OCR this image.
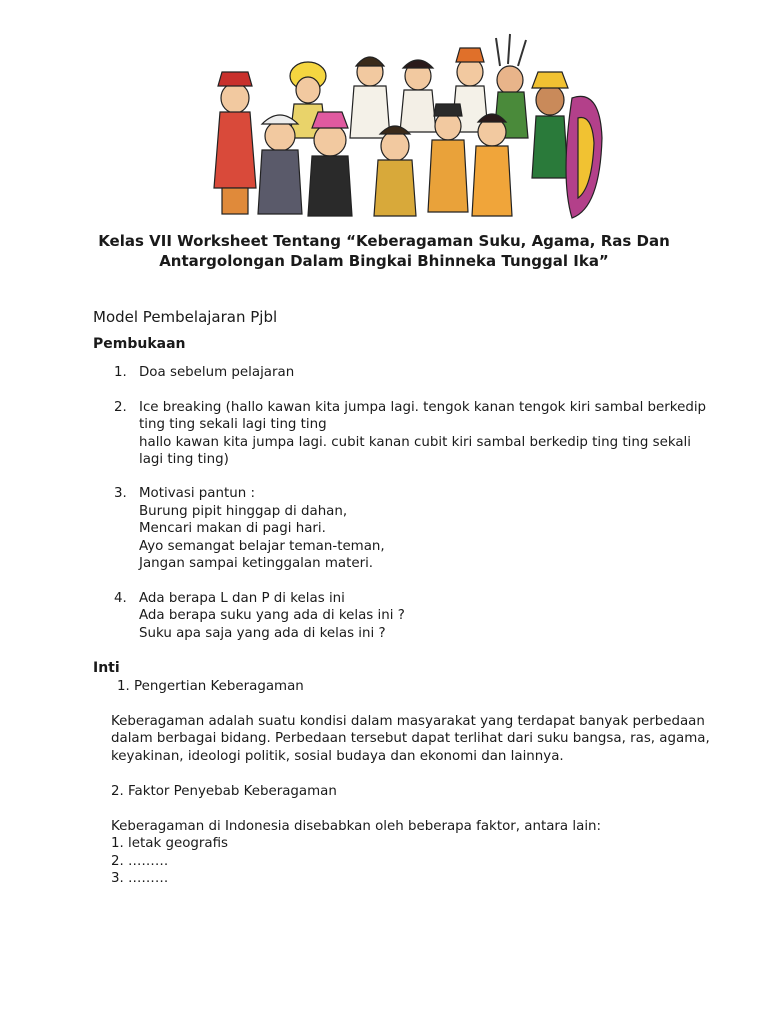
Kelas VII Worksheet Tentang “Keberagaman Suku, Agama, Ras Dan
Antargolongan Dalam Bingkai Bhinneka Tunggal Ika”
Model Pembelajaran Pjbl
Pembukaan
1. Doa sebelum pelajaran
2. Ice breaking (hallo kawan kita jumpa lagi. tengok kanan tengok kiri sambal berkedip
ting ting sekali lagi ting ting
hallo kawan kita jumpa lagi. cubit kanan cubit kiri sambal berkedip ting ting sekali
lagi ting ting)
3. Motivasi pantun :
Burung pipit hinggap di dahan,
Mencari makan di pagi hari.
Ayo semangat belajar teman-teman,
Jangan sampai ketinggalan materi.
4. Ada berapa L dan P di kelas ini
Ada berapa suku yang ada di kelas ini ?
Suku apa saja yang ada di kelas ini ?
Inti
1. Pengertian Keberagaman
Keberagaman adalah suatu kondisi dalam masyarakat yang terdapat banyak perbedaan
dalam berbagai bidang. Perbedaan tersebut dapat terlihat dari suku bangsa, ras, agama,
keyakinan, ideologi politik, sosial budaya dan ekonomi dan lainnya.
2. Faktor Penyebab Keberagaman
Keberagaman di Indonesia disebabkan oleh beberapa faktor, antara lain:
1. letak geografis
2. ………
3. ………
